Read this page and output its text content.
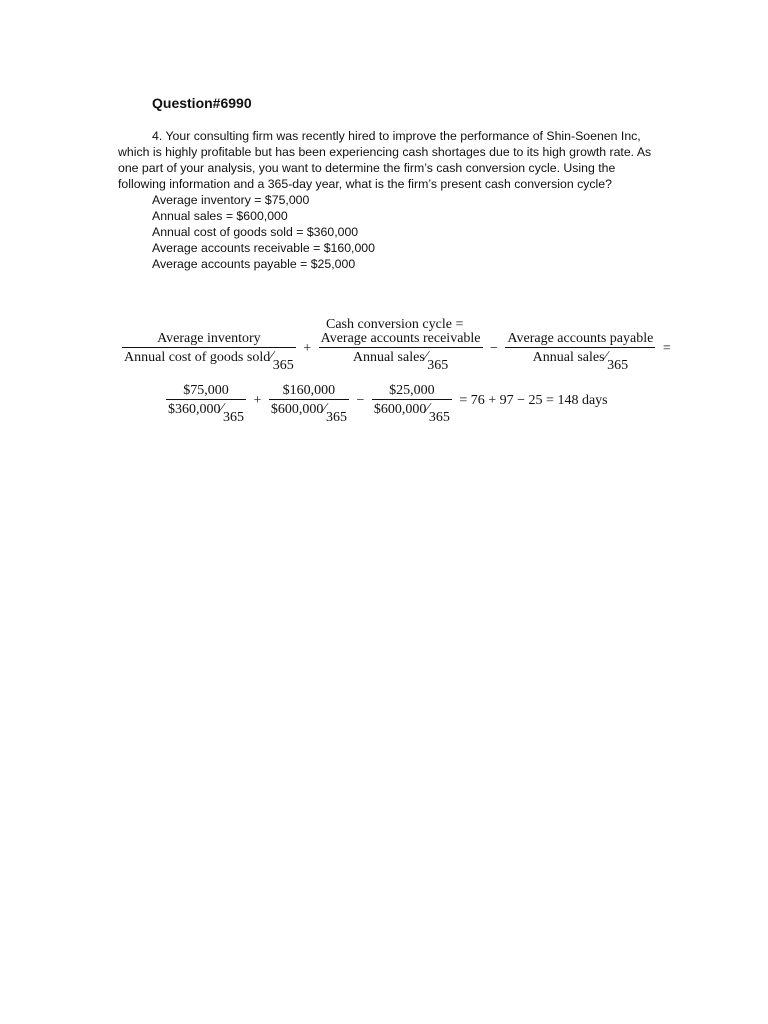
Question#6990

4. Your consulting firm was recently hired to improve the performance of Shin-Soenen Inc, which is highly profitable but has been experiencing cash shortages due to its high growth rate. As one part of your analysis, you want to determine the firm’s cash conversion cycle. Using the following information and a 365-day year, what is the firm’s present cash conversion cycle?

Average inventory = $75,000

Annual sales = $600,000

Annual cost of goods sold = $360,000

Average accounts receivable = $160,000

Average accounts payable = $25,000

Cash conversion cycle =
$\frac{\text{Average inventory}}{\text{Annual cost of goods sold∕365}} + \frac{\text{Average accounts receivable}}{\text{Annual sales∕365}} - \frac{\text{Average accounts payable}}{\text{Annual sales∕365}}$ =
$\frac{\$75,000}{\$360,000∕365} + \frac{\$160,000}{\$600,000∕365} - \frac{\$25,000}{\$600,000∕365} = 76 + 97 - 25 = 148$ days
